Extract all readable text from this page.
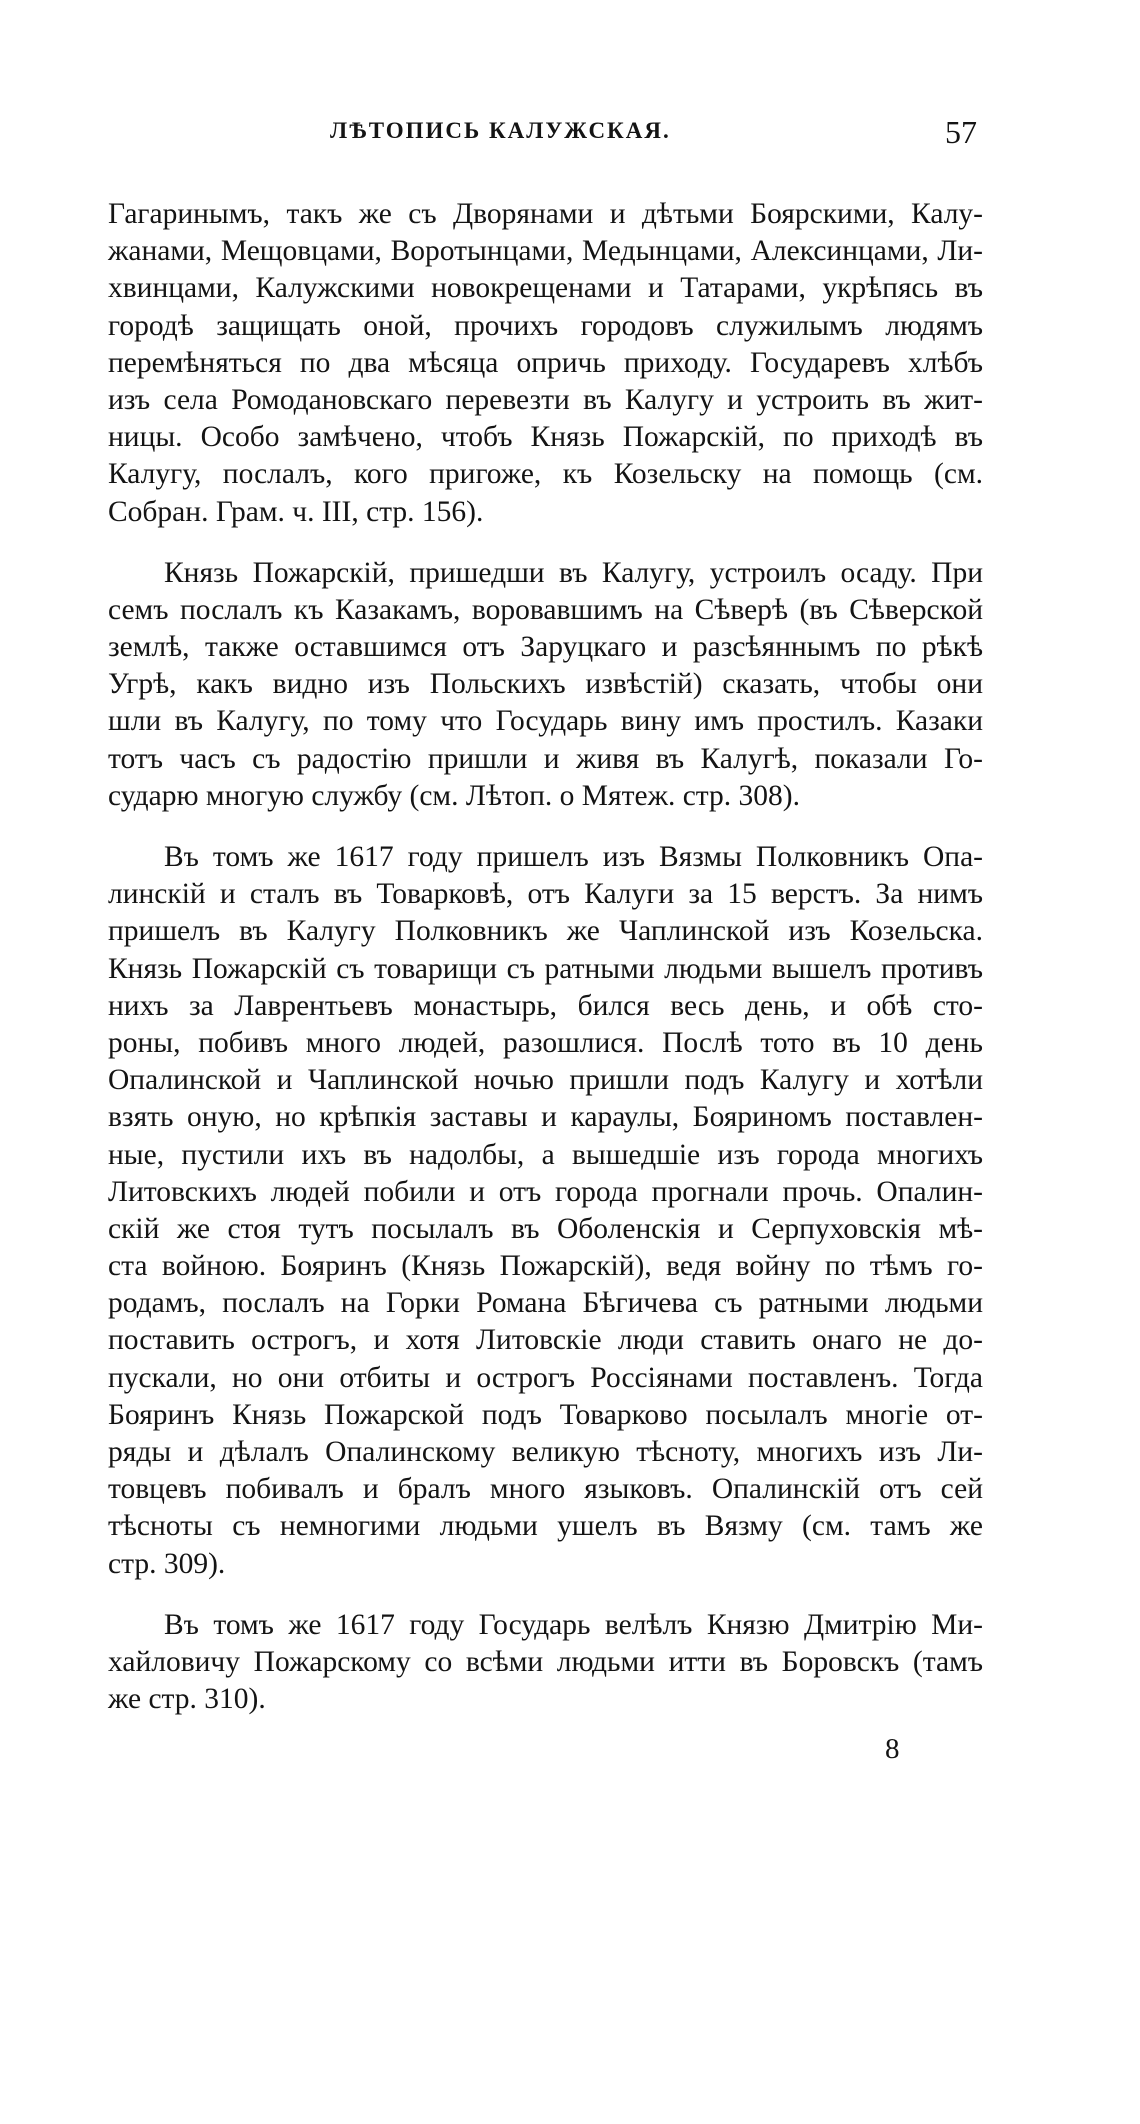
ЛѢТОПИСЬ КАЛУЖСКАЯ.	57
Гагаринымъ, такъ же съ Дворянами и дѣтьми Боярскими, Калу-
жанами, Мещовцами, Воротынцами, Медынцами, Алексинцами, Ли-
хвинцами, Калужскими новокрещенами и Татарами, укрѣпясь въ
городѣ защищать оной, прочихъ городовъ служилымъ людямъ
перемѣняться по два мѣсяца опричь приходу. Государевъ хлѣбъ
изъ села Ромодановскаго перевезти въ Калугу и устроить въ жит-
ницы. Особо замѣчено, чтобъ Князь Пожарскій, по приходѣ въ
Калугу, послалъ, кого пригоже, къ Козельску на помощь (см.
Собран. Грам. ч. III, стр. 156).
Князь Пожарскій, пришедши въ Калугу, устроилъ осаду. При
семъ послалъ къ Казакамъ, воровавшимъ на Сѣверѣ (въ Сѣверской
землѣ, также оставшимся отъ Заруцкаго и разсѣяннымъ по рѣкѣ
Угрѣ, какъ видно изъ Польскихъ извѣстій) сказать, чтобы они
шли въ Калугу, по тому что Государь вину имъ простилъ. Казаки
тотъ часъ съ радостію пришли и живя въ Калугѣ, показали Го-
сударю многую службу (см. Лѣтоп. о Мятеж. стр. 308).
Въ томъ же 1617 году пришелъ изъ Вязмы Полковникъ Опа-
линскій и сталъ въ Товарковѣ, отъ Калуги за 15 верстъ. За нимъ
пришелъ въ Калугу Полковникъ же Чаплинской изъ Козельска.
Князь Пожарскій съ товарищи съ ратными людьми вышелъ противъ
нихъ за Лаврентьевъ монастырь, бился весь день, и обѣ сто-
роны, побивъ много людей, разошлися. Послѣ тото въ 10 день
Опалинской и Чаплинской ночью пришли подъ Калугу и хотѣли
взять оную, но крѣпкія заставы и караулы, Бояриномъ поставлен-
ные, пустили ихъ въ надолбы, а вышедшіе изъ города многихъ
Литовскихъ людей побили и отъ города прогнали прочь. Опалин-
скій же стоя тутъ посылалъ въ Оболенскія и Серпуховскія мѣ-
ста войною. Бояринъ (Князь Пожарскій), ведя войну по тѣмъ го-
родамъ, послалъ на Горки Романа Бѣгичева съ ратными людьми
поставить острогъ, и хотя Литовскіе люди ставить онаго не до-
пускали, но они отбиты и острогъ Россіянами поставленъ. Тогда
Бояринъ Князь Пожарской подъ Товарково посылалъ многіе от-
ряды и дѣлалъ Опалинскому великую тѣсноту, многихъ изъ Ли-
товцевъ побивалъ и бралъ много языковъ. Опалинскій отъ сей
тѣсноты съ немногими людьми ушелъ въ Вязму (см. тамъ же
стр. 309).
Въ томъ же 1617 году Государь велѣлъ Князю Дмитрію Ми-
хайловичу Пожарскому со всѣми людьми итти въ Боровскъ (тамъ
же стр. 310).
8
